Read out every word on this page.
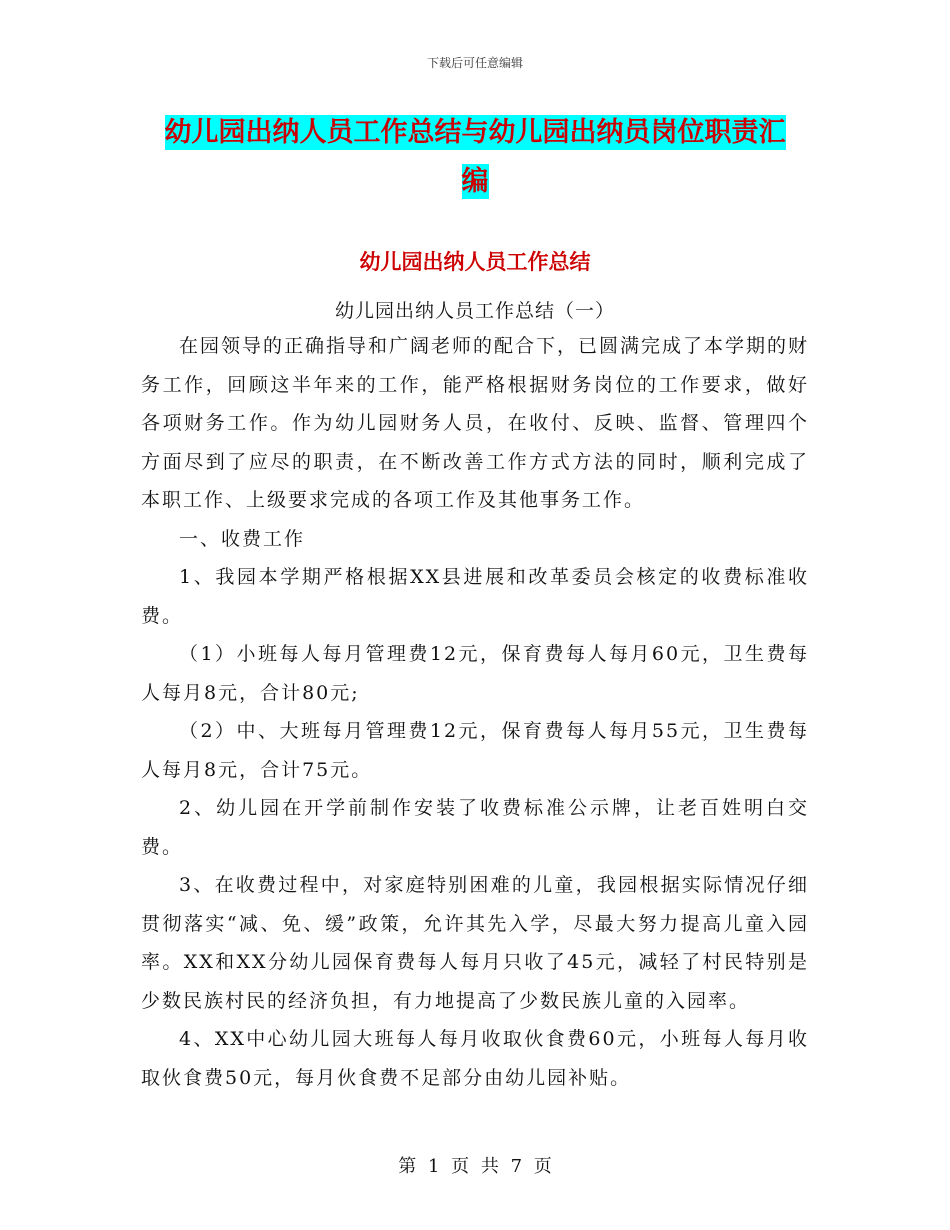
下载后可任意编辑
幼儿园出纳人员工作总结与幼儿园出纳员岗位职责汇
编
幼儿园出纳人员工作总结
幼儿园出纳人员工作总结（一）

在园领导的正确指导和广阔老师的配合下，已圆满完成了本学期的财务工作，回顾这半年来的工作，能严格根据财务岗位的工作要求，做好各项财务工作。作为幼儿园财务人员，在收付、反映、监督、管理四个方面尽到了应尽的职责，在不断改善工作方式方法的同时，顺利完成了本职工作、上级要求完成的各项工作及其他事务工作。

一、收费工作

1、我园本学期严格根据XX县进展和改革委员会核定的收费标准收费。

（1）小班每人每月管理费12元，保育费每人每月60元，卫生费每人每月8元，合计80元;

（2）中、大班每月管理费12元，保育费每人每月55元，卫生费每人每月8元，合计75元。

2、幼儿园在开学前制作安装了收费标准公示牌，让老百姓明白交费。

3、在收费过程中，对家庭特别困难的儿童，我园根据实际情况仔细贯彻落实“减、免、缓”政策，允许其先入学，尽最大努力提高儿童入园率。XX和XX分幼儿园保育费每人每月只收了45元，减轻了村民特别是少数民族村民的经济负担，有力地提高了少数民族儿童的入园率。

4、XX中心幼儿园大班每人每月收取伙食费60元，小班每人每月收取伙食费50元，每月伙食费不足部分由幼儿园补贴。

第 1 页 共 7 页
